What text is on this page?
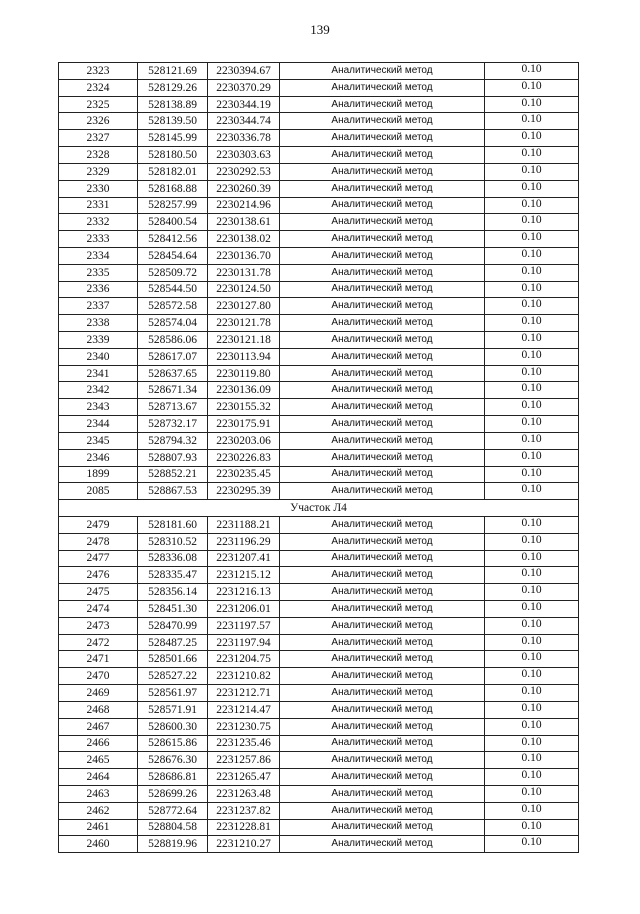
139
2323	528121.69	2230394.67	Аналитический метод	0.10
2324	528129.26	2230370.29	Аналитический метод	0.10
2325	528138.89	2230344.19	Аналитический метод	0.10
2326	528139.50	2230344.74	Аналитический метод	0.10
2327	528145.99	2230336.78	Аналитический метод	0.10
2328	528180.50	2230303.63	Аналитический метод	0.10
2329	528182.01	2230292.53	Аналитический метод	0.10
2330	528168.88	2230260.39	Аналитический метод	0.10
2331	528257.99	2230214.96	Аналитический метод	0.10
2332	528400.54	2230138.61	Аналитический метод	0.10
2333	528412.56	2230138.02	Аналитический метод	0.10
2334	528454.64	2230136.70	Аналитический метод	0.10
2335	528509.72	2230131.78	Аналитический метод	0.10
2336	528544.50	2230124.50	Аналитический метод	0.10
2337	528572.58	2230127.80	Аналитический метод	0.10
2338	528574.04	2230121.78	Аналитический метод	0.10
2339	528586.06	2230121.18	Аналитический метод	0.10
2340	528617.07	2230113.94	Аналитический метод	0.10
2341	528637.65	2230119.80	Аналитический метод	0.10
2342	528671.34	2230136.09	Аналитический метод	0.10
2343	528713.67	2230155.32	Аналитический метод	0.10
2344	528732.17	2230175.91	Аналитический метод	0.10
2345	528794.32	2230203.06	Аналитический метод	0.10
2346	528807.93	2230226.83	Аналитический метод	0.10
1899	528852.21	2230235.45	Аналитический метод	0.10
2085	528867.53	2230295.39	Аналитический метод	0.10
Участок Л4				
2479	528181.60	2231188.21	Аналитический метод	0.10
2478	528310.52	2231196.29	Аналитический метод	0.10
2477	528336.08	2231207.41	Аналитический метод	0.10
2476	528335.47	2231215.12	Аналитический метод	0.10
2475	528356.14	2231216.13	Аналитический метод	0.10
2474	528451.30	2231206.01	Аналитический метод	0.10
2473	528470.99	2231197.57	Аналитический метод	0.10
2472	528487.25	2231197.94	Аналитический метод	0.10
2471	528501.66	2231204.75	Аналитический метод	0.10
2470	528527.22	2231210.82	Аналитический метод	0.10
2469	528561.97	2231212.71	Аналитический метод	0.10
2468	528571.91	2231214.47	Аналитический метод	0.10
2467	528600.30	2231230.75	Аналитический метод	0.10
2466	528615.86	2231235.46	Аналитический метод	0.10
2465	528676.30	2231257.86	Аналитический метод	0.10
2464	528686.81	2231265.47	Аналитический метод	0.10
2463	528699.26	2231263.48	Аналитический метод	0.10
2462	528772.64	2231237.82	Аналитический метод	0.10
2461	528804.58	2231228.81	Аналитический метод	0.10
2460	528819.96	2231210.27	Аналитический метод	0.10
